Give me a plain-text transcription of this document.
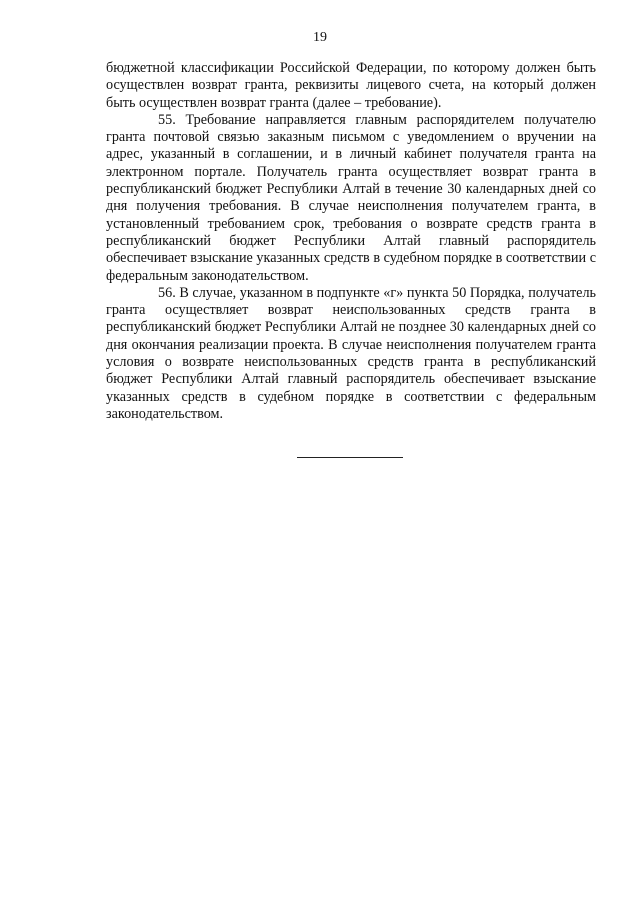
19

бюджетной классификации Российской Федерации, по которому должен быть осуществлен возврат гранта, реквизиты лицевого счета, на который должен быть осуществлен возврат гранта (далее – требование).

55. Требование направляется главным распорядителем получателю гранта почтовой связью заказным письмом с уведомлением о вручении на адрес, указанный в соглашении, и в личный кабинет получателя гранта на электронном портале. Получатель гранта осуществляет возврат гранта в республиканский бюджет Республики Алтай в течение 30 календарных дней со дня получения требования. В случае неисполнения получателем гранта, в установленный требованием срок, требования о возврате средств гранта в республиканский бюджет Республики Алтай главный распорядитель обеспечивает взыскание указанных средств в судебном порядке в соответствии с федеральным законодательством.

56. В случае, указанном в подпункте «г» пункта 50 Порядка, получатель гранта осуществляет возврат неиспользованных средств гранта в республиканский бюджет Республики Алтай не позднее 30 календарных дней со дня окончания реализации проекта. В случае неисполнения получателем гранта условия о возврате неиспользованных средств гранта в республиканский бюджет Республики Алтай главный распорядитель обеспечивает взыскание указанных средств в судебном порядке в соответствии с федеральным законодательством.
